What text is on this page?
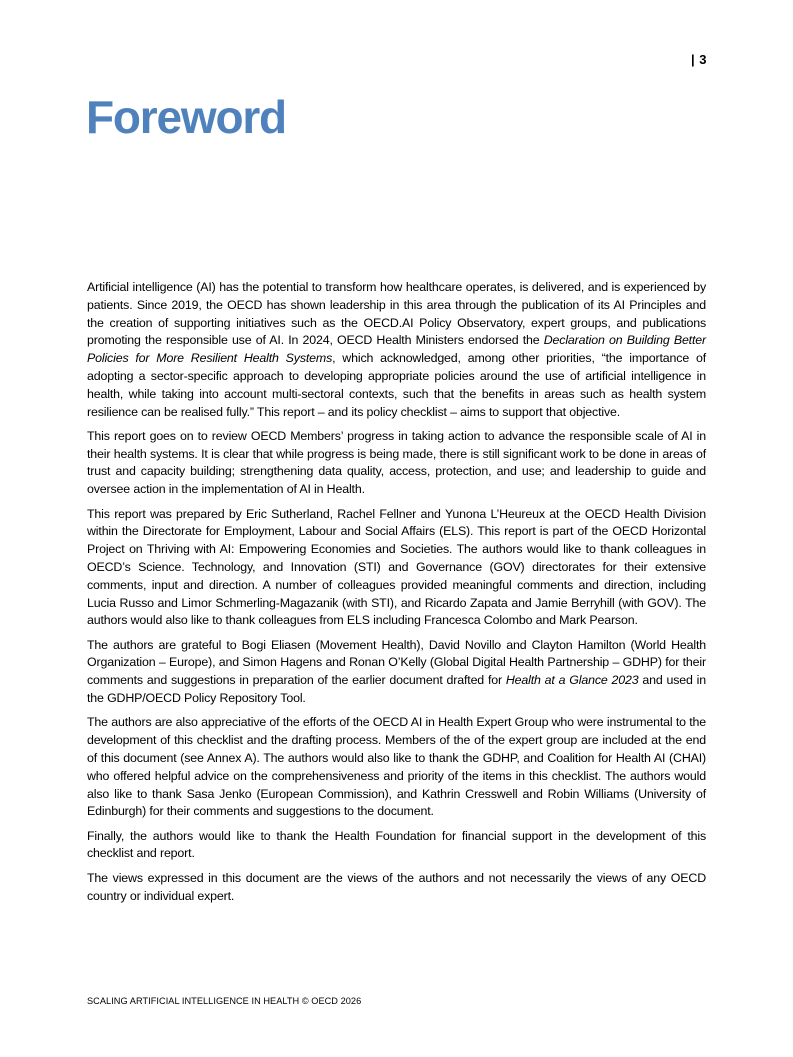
| 3
Foreword

Artificial intelligence (AI) has the potential to transform how healthcare operates, is delivered, and is experienced by patients. Since 2019, the OECD has shown leadership in this area through the publication of its AI Principles and the creation of supporting initiatives such as the OECD.AI Policy Observatory, expert groups, and publications promoting the responsible use of AI. In 2024, OECD Health Ministers endorsed the Declaration on Building Better Policies for More Resilient Health Systems, which acknowledged, among other priorities, “the importance of adopting a sector-specific approach to developing appropriate policies around the use of artificial intelligence in health, while taking into account multi-sectoral contexts, such that the benefits in areas such as health system resilience can be realised fully.” This report – and its policy checklist – aims to support that objective.

This report goes on to review OECD Members’ progress in taking action to advance the responsible scale of AI in their health systems. It is clear that while progress is being made, there is still significant work to be done in areas of trust and capacity building; strengthening data quality, access, protection, and use; and leadership to guide and oversee action in the implementation of AI in Health.

This report was prepared by Eric Sutherland, Rachel Fellner and Yunona L’Heureux at the OECD Health Division within the Directorate for Employment, Labour and Social Affairs (ELS). This report is part of the OECD Horizontal Project on Thriving with AI: Empowering Economies and Societies. The authors would like to thank colleagues in OECD’s Science. Technology, and Innovation (STI) and Governance (GOV) directorates for their extensive comments, input and direction. A number of colleagues provided meaningful comments and direction, including Lucia Russo and Limor Schmerling-Magazanik (with STI), and Ricardo Zapata and Jamie Berryhill (with GOV). The authors would also like to thank colleagues from ELS including Francesca Colombo and Mark Pearson.

The authors are grateful to Bogi Eliasen (Movement Health), David Novillo and Clayton Hamilton (World Health Organization – Europe), and Simon Hagens and Ronan O’Kelly (Global Digital Health Partnership – GDHP) for their comments and suggestions in preparation of the earlier document drafted for Health at a Glance 2023 and used in the GDHP/OECD Policy Repository Tool.

The authors are also appreciative of the efforts of the OECD AI in Health Expert Group who were instrumental to the development of this checklist and the drafting process. Members of the of the expert group are included at the end of this document (see Annex A). The authors would also like to thank the GDHP, and Coalition for Health AI (CHAI) who offered helpful advice on the comprehensiveness and priority of the items in this checklist. The authors would also like to thank Sasa Jenko (European Commission), and Kathrin Cresswell and Robin Williams (University of Edinburgh) for their comments and suggestions to the document.

Finally, the authors would like to thank the Health Foundation for financial support in the development of this checklist and report.

The views expressed in this document are the views of the authors and not necessarily the views of any OECD country or individual expert.

SCALING ARTIFICIAL INTELLIGENCE IN HEALTH © OECD 2026
